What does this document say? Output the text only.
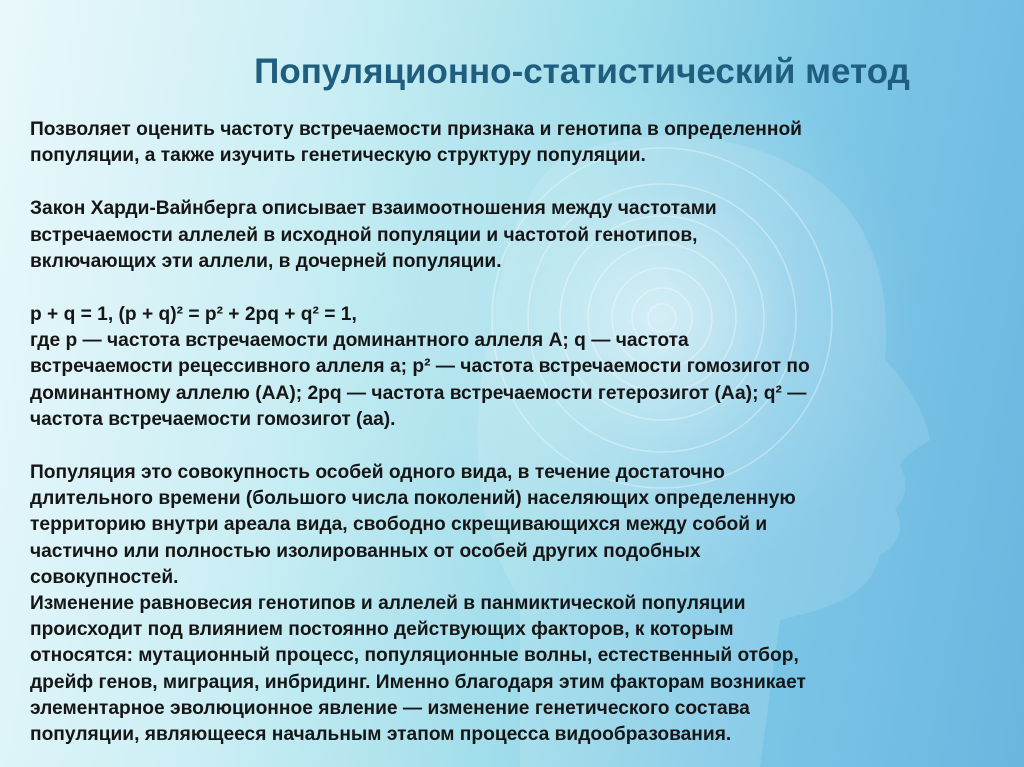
Популяционно-статистический метод

Позволяет оценить частоту встречаемости признака и генотипа в определенной
популяции, а также изучить генетическую структуру популяции.

Закон Харди-Вайнберга описывает взаимоотношения между частотами
встречаемости аллелей в исходной популяции и частотой генотипов,
включающих эти аллели, в дочерней популяции.

р + q = 1, (р + q)² = р² + 2рq + q² = 1,
где р — частота встречаемости доминантного аллеля А; q — частота
встречаемости рецессивного аллеля а; р² — частота встречаемости гомозигот по
доминантному аллелю (АА); 2рq — частота встречаемости гетерозигот (Аа); q² —
частота встречаемости гомозигот (аа).

Популяция это совокупность особей одного вида, в течение достаточно
длительного времени (большого числа поколений) населяющих определенную
территорию внутри ареала вида, свободно скрещивающихся между собой и
частично или полностью изолированных от особей других подобных
совокупностей.

Изменение равновесия генотипов и аллелей в панмиктической популяции
происходит под влиянием постоянно действующих факторов, к которым
относятся: мутационный процесс, популяционные волны, естественный отбор,
дрейф генов, миграция, инбридинг. Именно благодаря этим факторам возникает
элементарное эволюционное явление — изменение генетического состава
популяции, являющееся начальным этапом процесса видообразования.
